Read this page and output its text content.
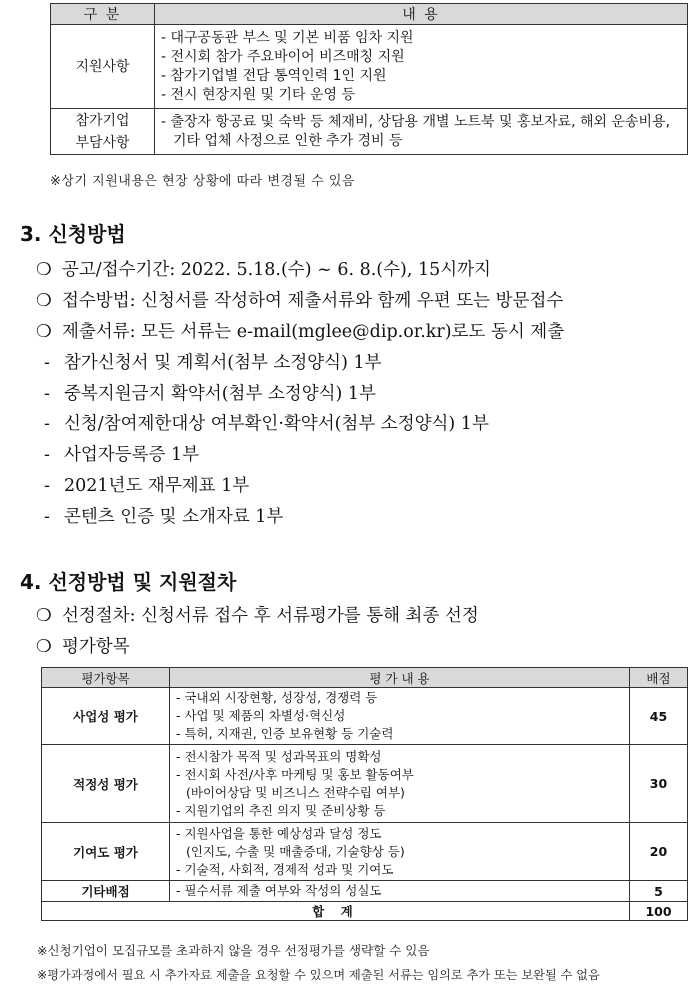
구 분	내 용

지원사항	- 대구공동관 부스 및 기본 비품 임차 지원
- 전시회 참가 주요바이어 비즈매칭 지원
- 참가기업별 전담 통역인력 1인 지원
- 전시 현장지원 및 기타 운영 등

참가기업
부담사항	- 출장자 항공료 및 숙박 등 체재비, 상담용 개별 노트북 및 홍보자료, 해외 운송비용, 기타 업체 사정으로 인한 추가 경비 등
※상기 지원내용은 현장 상황에 따라 변경될 수 있음
3. 신청방법
❍ 공고/접수기간: 2022. 5.18.(수) ~ 6. 8.(수), 15시까지
❍ 접수방법: 신청서를 작성하여 제출서류와 함께 우편 또는 방문접수
❍ 제출서류: 모든 서류는 e-mail(mglee@dip.or.kr)로도 동시 제출
- 참가신청서 및 계획서(첨부 소정양식) 1부
- 중복지원금지 확약서(첨부 소정양식) 1부
- 신청/참여제한대상 여부확인·확약서(첨부 소정양식) 1부
- 사업자등록증 1부
- 2021년도 재무제표 1부
- 콘텐츠 인증 및 소개자료 1부
4. 선정방법 및 지원절차
❍ 선정절차: 신청서류 접수 후 서류평가를 통해 최종 선정
❍ 평가항목
평가항목	평 가 내 용	배점
사업성 평가	- 국내외 시장현황, 성장성, 경쟁력 등
- 사업 및 제품의 차별성·혁신성
- 특허, 지재권, 인증 보유현황 등 기술력	45
적정성 평가	- 전시참가 목적 및 성과목표의 명확성
- 전시회 사전/사후 마케팅 및 홍보 활동여부
(바이어상담 및 비즈니스 전략수립 여부)
- 지원기업의 추진 의지 및 준비상황 등	30
기여도 평가	- 지원사업을 통한 예상성과 달성 정도
(인지도, 수출 및 매출증대, 기술향상 등)
- 기술적, 사회적, 경제적 성과 및 기여도	20
기타배점	- 필수서류 제출 여부와 작성의 성실도	5
합 계		100
※신청기업이 모집규모를 초과하지 않을 경우 선정평가를 생략할 수 있음
※평가과정에서 필요 시 추가자료 제출을 요청할 수 있으며 제출된 서류는 임의로 추가 또는 보완될 수 없음
